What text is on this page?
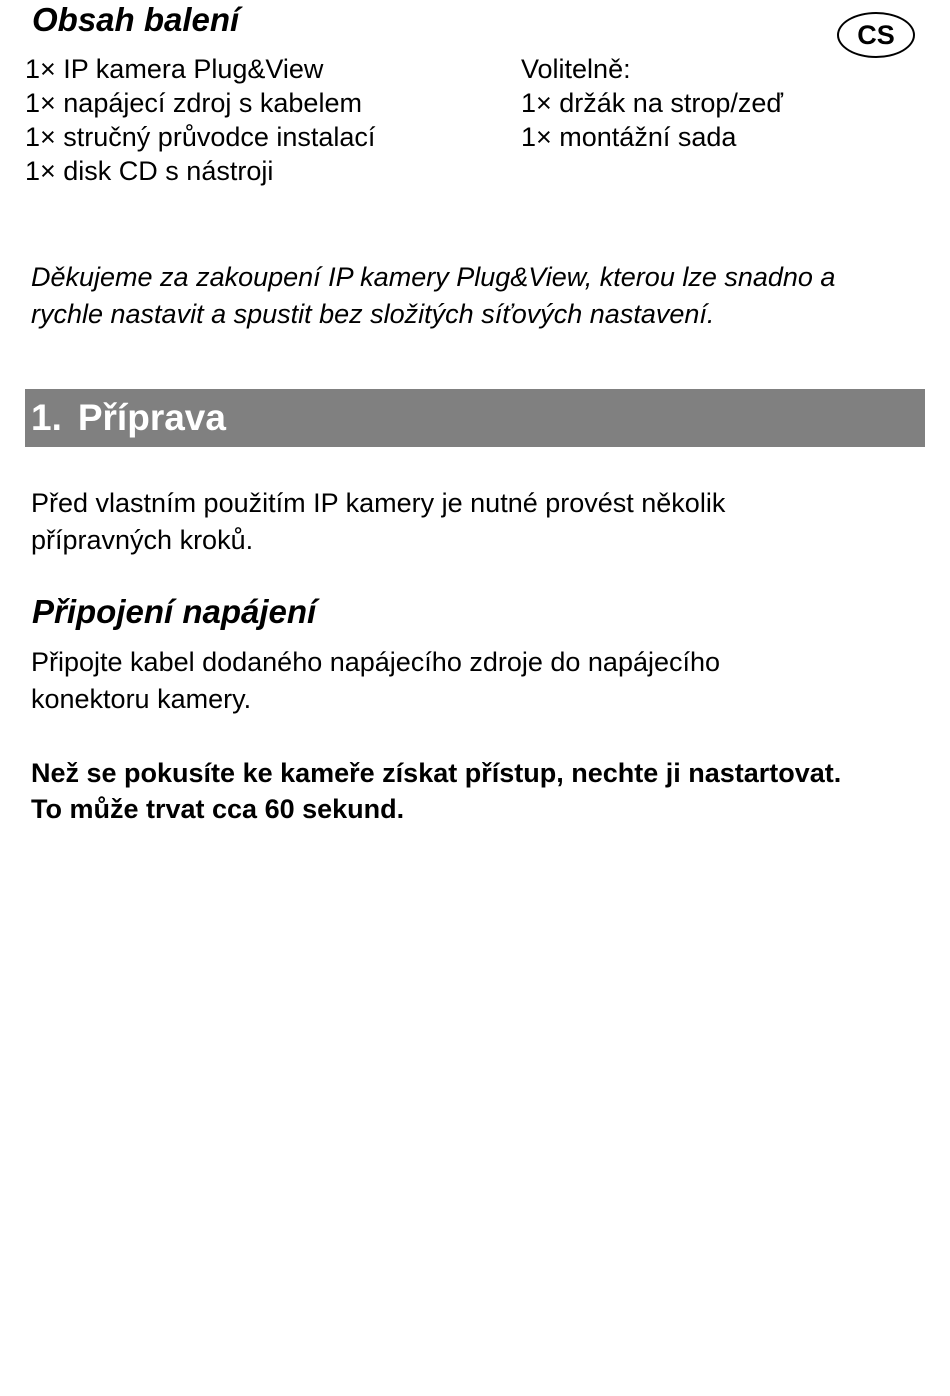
Obsah balení	CS
1× IP kamera Plug&View
1× napájecí zdroj s kabelem
1× stručný průvodce instalací
1× disk CD s nástroji
Volitelně:
1× držák na strop/zeď
1× montážní sada

Děkujeme za zakoupení IP kamery Plug&View, kterou lze snadno a
rychle nastavit a spustit bez složitých síťových nastavení.

1. Příprava

Před vlastním použitím IP kamery je nutné provést několik
přípravných kroků.

Připojení napájení

Připojte kabel dodaného napájecího zdroje do napájecího
konektoru kamery.

Než se pokusíte ke kameře získat přístup, nechte ji nastartovat.
To může trvat cca 60 sekund.
